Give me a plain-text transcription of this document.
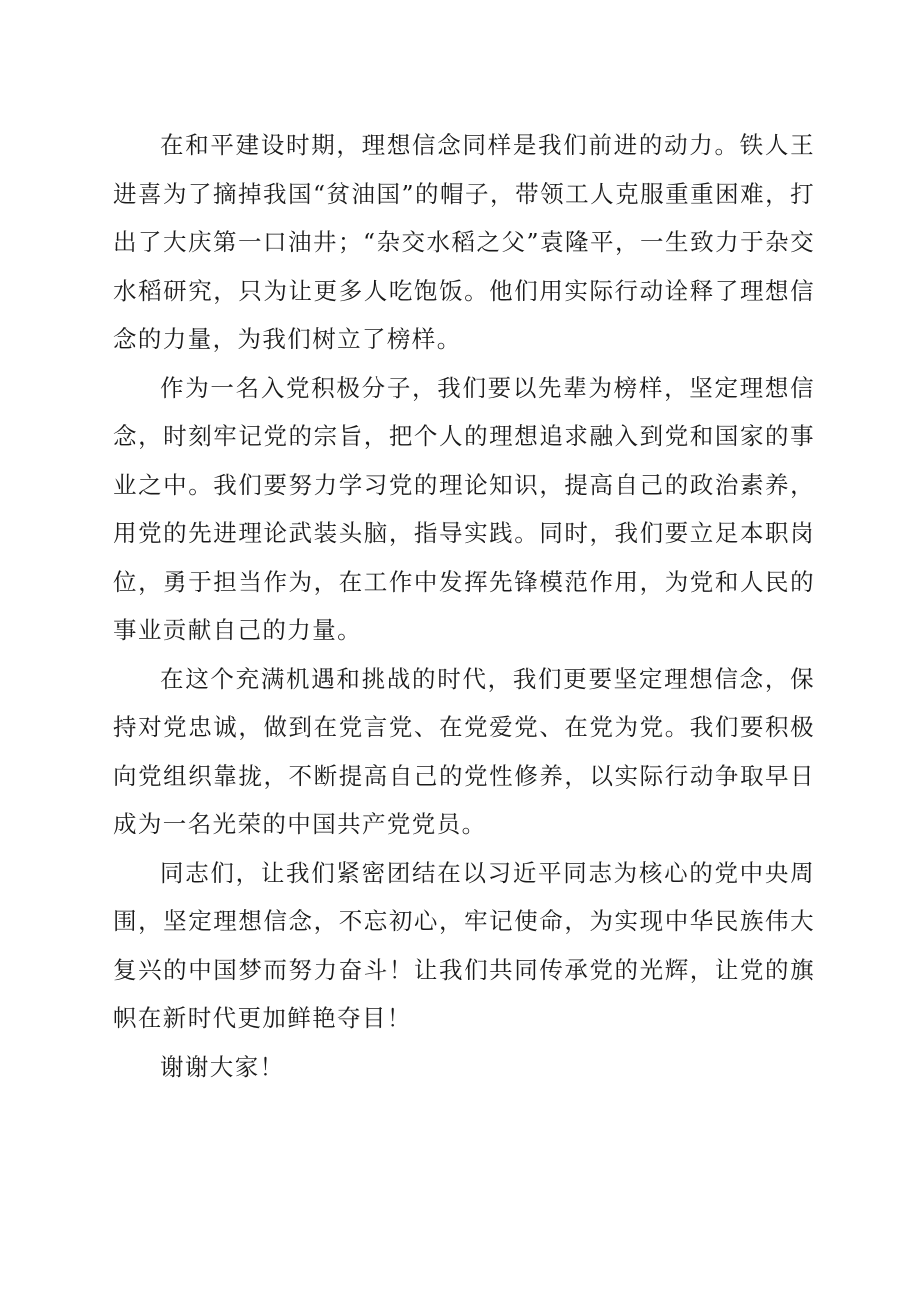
在和平建设时期，理想信念同样是我们前进的动力。铁人王进喜为了摘掉我国“贫油国”的帽子，带领工人克服重重困难，打出了大庆第一口油井；“杂交水稻之父”袁隆平，一生致力于杂交水稻研究，只为让更多人吃饱饭。他们用实际行动诠释了理想信念的力量，为我们树立了榜样。

作为一名入党积极分子，我们要以先辈为榜样，坚定理想信念，时刻牢记党的宗旨，把个人的理想追求融入到党和国家的事业之中。我们要努力学习党的理论知识，提高自己的政治素养，用党的先进理论武装头脑，指导实践。同时，我们要立足本职岗位，勇于担当作为，在工作中发挥先锋模范作用，为党和人民的事业贡献自己的力量。

在这个充满机遇和挑战的时代，我们更要坚定理想信念，保持对党忠诚，做到在党言党、在党爱党、在党为党。我们要积极向党组织靠拢，不断提高自己的党性修养，以实际行动争取早日成为一名光荣的中国共产党党员。

同志们，让我们紧密团结在以习近平同志为核心的党中央周围，坚定理想信念，不忘初心，牢记使命，为实现中华民族伟大复兴的中国梦而努力奋斗！让我们共同传承党的光辉，让党的旗帜在新时代更加鲜艳夺目！

谢谢大家！
